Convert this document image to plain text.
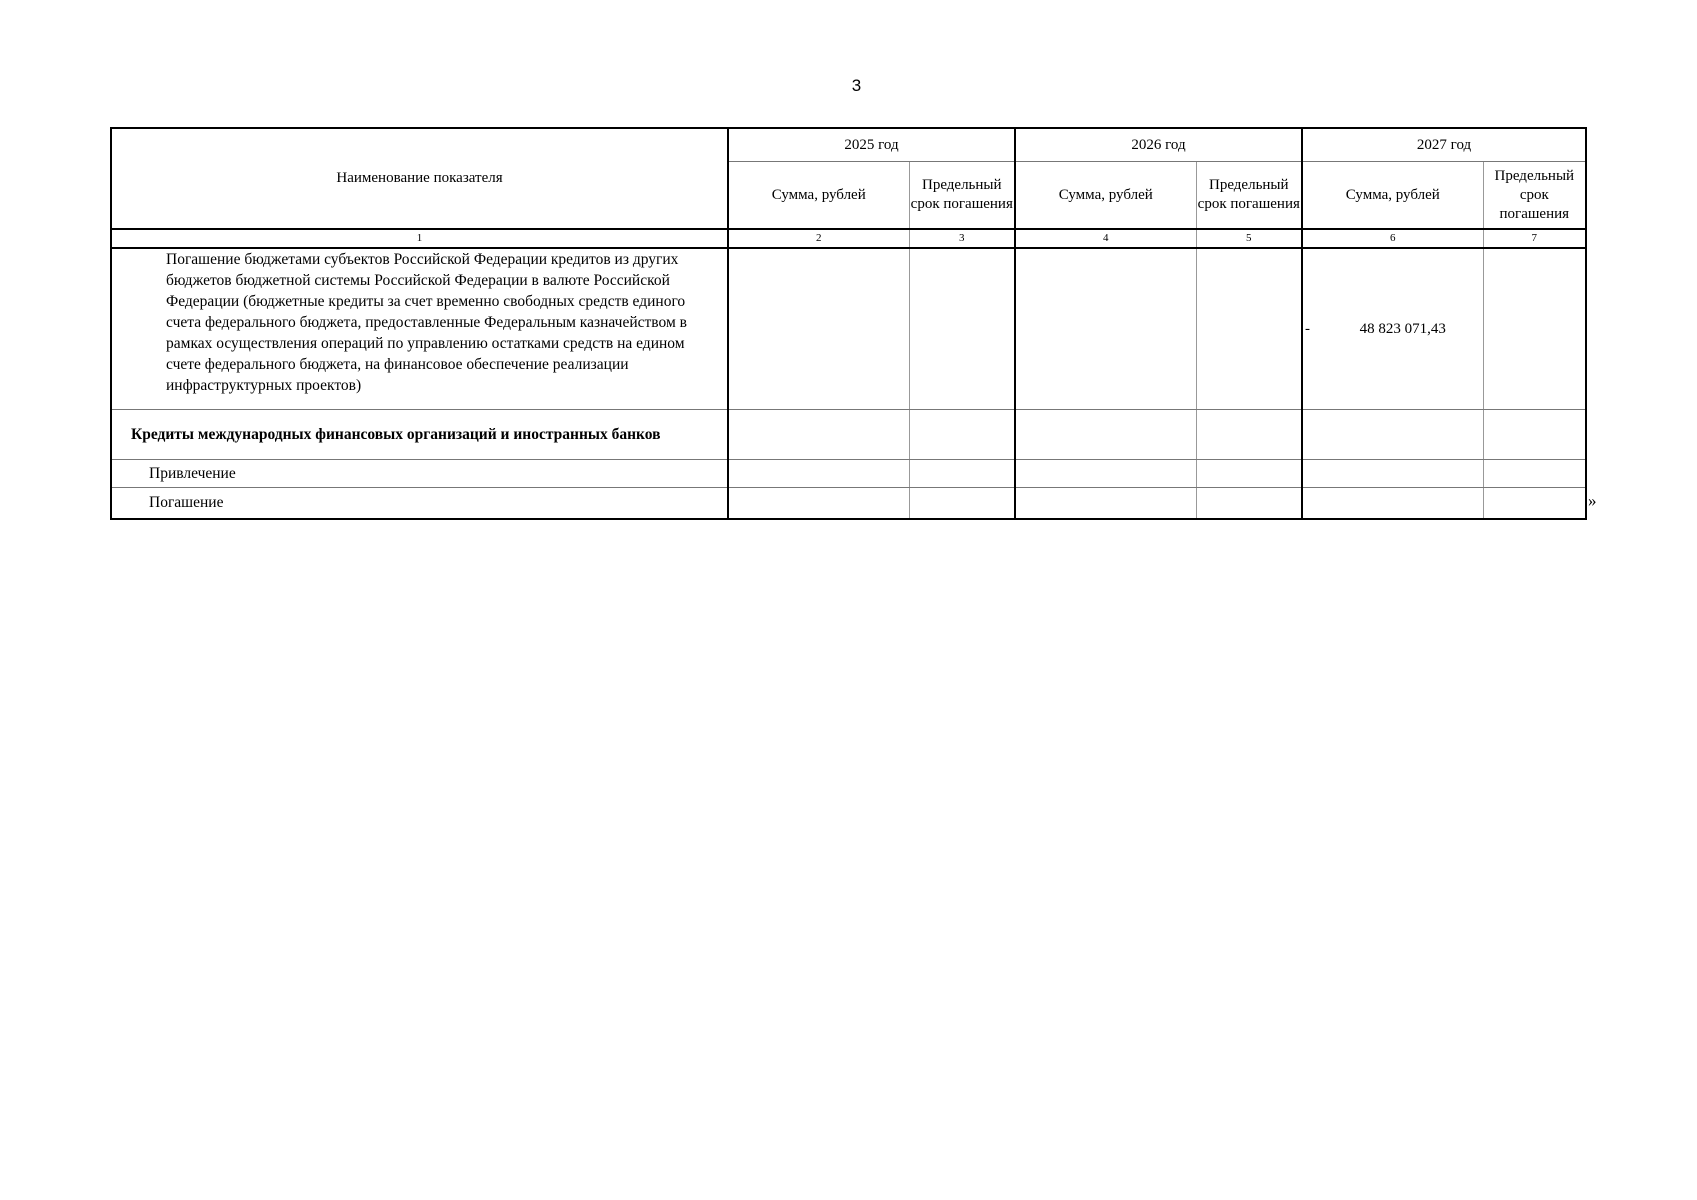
3
Наименование показателя	2025 год		2026 год		2027 год	
	Сумма, рублей	Предельный срок погашения	Сумма, рублей	Предельный срок погашения	Сумма, рублей	Предельный срок погашения
1	2	3	4	5	6	7
Погашение бюджетами субъектов Российской Федерации кредитов из других бюджетов бюджетной системы Российской Федерации в валюте Российской Федерации (бюджетные кредиты за счет временно свободных средств единого счета федерального бюджета, предоставленные Федеральным казначейством в рамках осуществления операций по управлению остатками средств на едином счете федерального бюджета, на финансовое обеспечение реализации инфраструктурных проектов)					- 48 823 071,43	
Кредиты международных финансовых организаций и иностранных банков						
Привлечение						
Погашение							»
